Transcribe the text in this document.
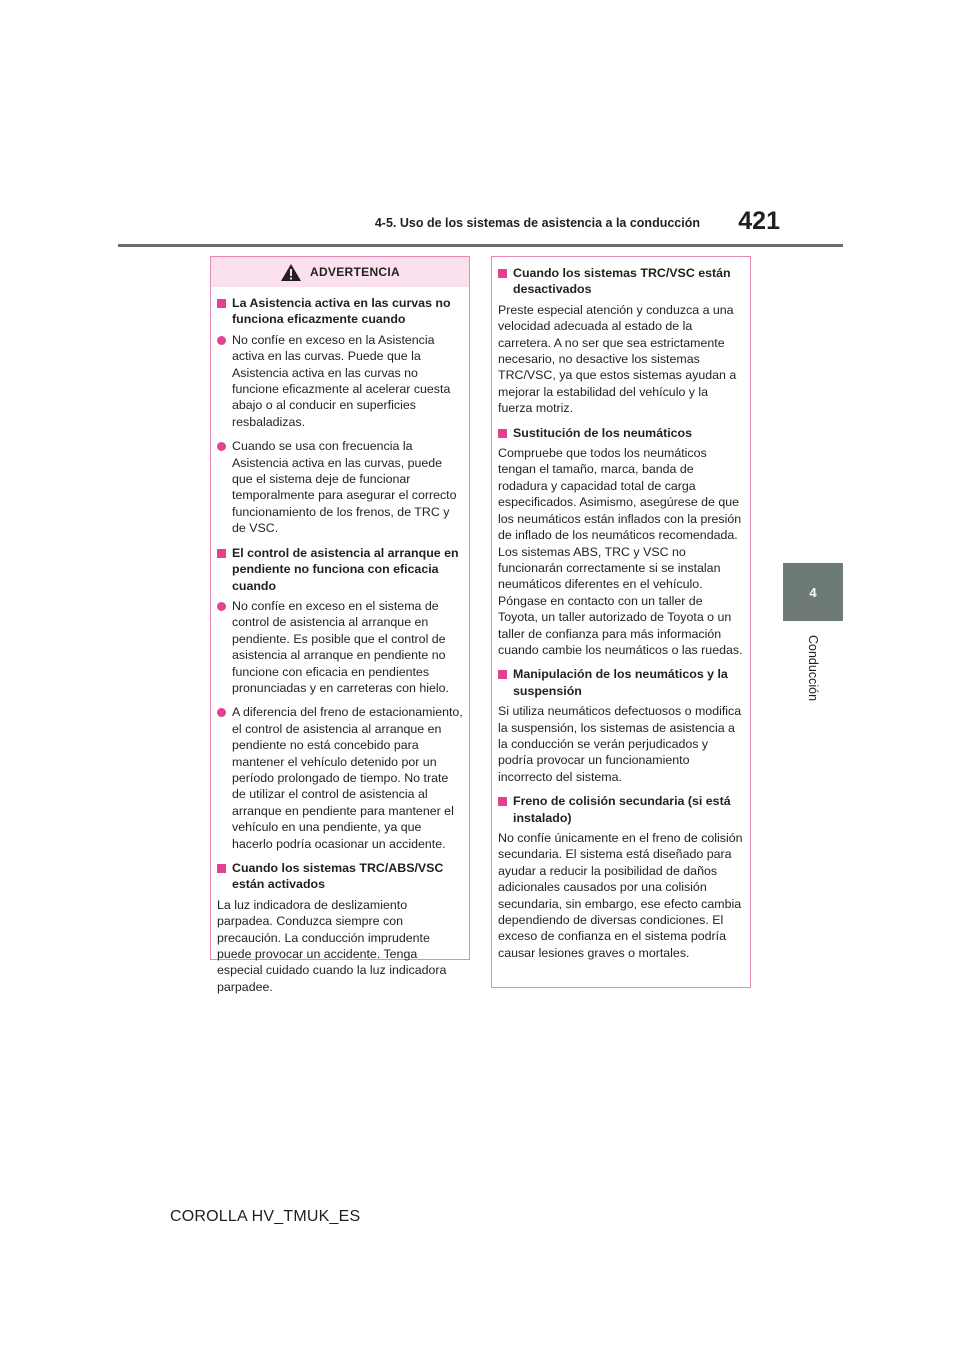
4-5. Uso de los sistemas de asistencia a la conducción	421
4
Conducción
ADVERTENCIA
La Asistencia activa en las curvas no funciona eficazmente cuando
No confíe en exceso en la Asistencia activa en las curvas. Puede que la Asistencia activa en las curvas no funcione eficazmente al acelerar cuesta abajo o al conducir en superficies resbaladizas.
Cuando se usa con frecuencia la Asistencia activa en las curvas, puede que el sistema deje de funcionar temporalmente para asegurar el correcto funcionamiento de los frenos, de TRC y de VSC.
El control de asistencia al arranque en pendiente no funciona con eficacia cuando
No confíe en exceso en el sistema de control de asistencia al arranque en pendiente. Es posible que el control de asistencia al arranque en pendiente no funcione con eficacia en pendientes pronunciadas y en carreteras con hielo.
A diferencia del freno de estacionamiento, el control de asistencia al arranque en pendiente no está concebido para mantener el vehículo detenido por un período prolongado de tiempo. No trate de utilizar el control de asistencia al arranque en pendiente para mantener el vehículo en una pendiente, ya que hacerlo podría ocasionar un accidente.
Cuando los sistemas TRC/ABS/VSC están activados

La luz indicadora de deslizamiento parpadea. Conduzca siempre con precaución. La conducción imprudente puede provocar un accidente. Tenga especial cuidado cuando la luz indicadora parpadee.

Cuando los sistemas TRC/VSC están desactivados

Preste especial atención y conduzca a una velocidad adecuada al estado de la carretera. A no ser que sea estrictamente necesario, no desactive los sistemas TRC/VSC, ya que estos sistemas ayudan a mejorar la estabilidad del vehículo y la fuerza motriz.

Sustitución de los neumáticos

Compruebe que todos los neumáticos tengan el tamaño, marca, banda de rodadura y capacidad total de carga especificados. Asimismo, asegúrese de que los neumáticos están inflados con la presión de inflado de los neumáticos recomendada. Los sistemas ABS, TRC y VSC no funcionarán correctamente si se instalan neumáticos diferentes en el vehículo. Póngase en contacto con un taller de Toyota, un taller autorizado de Toyota o un taller de confianza para más información cuando cambie los neumáticos o las ruedas.

Manipulación de los neumáticos y la suspensión

Si utiliza neumáticos defectuosos o modifica la suspensión, los sistemas de asistencia a la conducción se verán perjudicados y podría provocar un funcionamiento incorrecto del sistema.

Freno de colisión secundaria (si está instalado)

No confíe únicamente en el freno de colisión secundaria. El sistema está diseñado para ayudar a reducir la posibilidad de daños adicionales causados por una colisión secundaria, sin embargo, ese efecto cambia dependiendo de diversas condiciones. El exceso de confianza en el sistema podría causar lesiones graves o mortales.

COROLLA HV_TMUK_ES
